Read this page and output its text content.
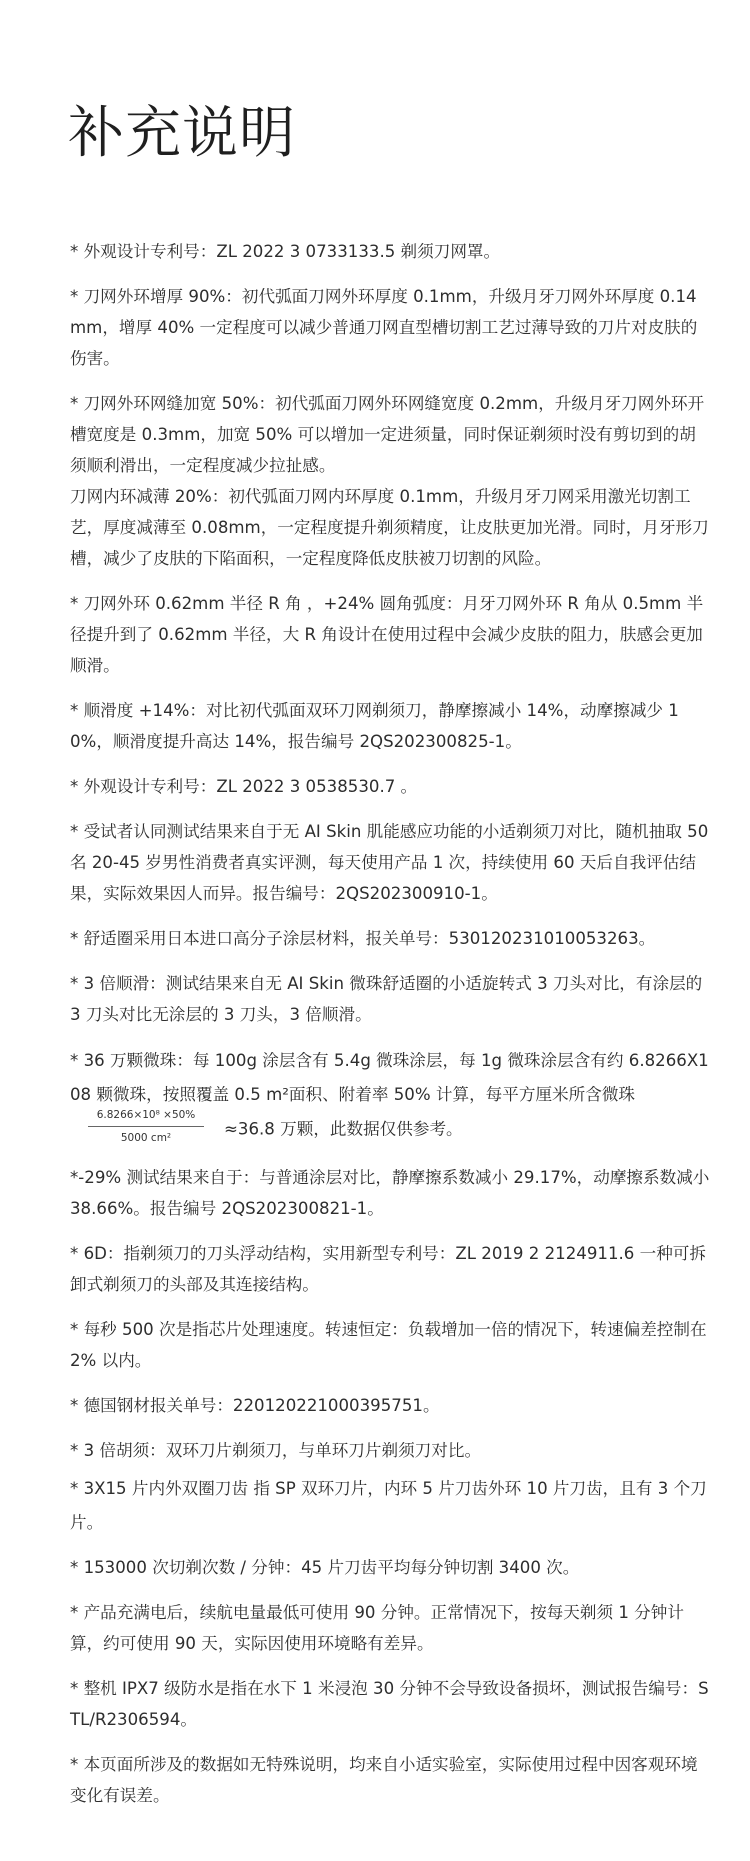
补充说明

* 外观设计专利号：ZL 2022 3 0733133.5 剃须刀网罩。

* 刀网外环增厚 90%：初代弧面刀网外环厚度 0.1mm，升级月牙刀网外环厚度 0.14mm，增厚 40% 一定程度可以减少普通刀网直型槽切割工艺过薄导致的刀片对皮肤的伤害。

* 刀网外环网缝加宽 50%：初代弧面刀网外环网缝宽度 0.2mm，升级月牙刀网外环开槽宽度是 0.3mm，加宽 50% 可以增加一定进须量，同时保证剃须时没有剪切到的胡须顺利滑出，一定程度减少拉扯感。

刀网内环减薄 20%：初代弧面刀网内环厚度 0.1mm，升级月牙刀网采用激光切割工艺，厚度减薄至 0.08mm，一定程度提升剃须精度，让皮肤更加光滑。同时，月牙形刀槽，减少了皮肤的下陷面积，一定程度降低皮肤被刀切割的风险。

* 刀网外环 0.62mm 半径 R 角 ，+24% 圆角弧度：月牙刀网外环 R 角从 0.5mm 半径提升到了 0.62mm 半径，大 R 角设计在使用过程中会减少皮肤的阻力，肤感会更加顺滑。

* 顺滑度 +14%：对比初代弧面双环刀网剃须刀，静摩擦减小 14%，动摩擦减少 10%，顺滑度提升高达 14%，报告编号 2QS202300825-1。

* 外观设计专利号：ZL 2022 3 0538530.7 。

* 受试者认同测试结果来自于无 AI Skin 肌能感应功能的小适剃须刀对比，随机抽取 50 名 20-45 岁男性消费者真实评测，每天使用产品 1 次，持续使用 60 天后自我评估结果，实际效果因人而异。报告编号：2QS202300910-1。

* 舒适圈采用日本进口高分子涂层材料，报关单号：530120231010053263。

* 3 倍顺滑：测试结果来自无 AI Skin 微珠舒适圈的小适旋转式 3 刀头对比，有涂层的 3 刀头对比无涂层的 3 刀头，3 倍顺滑。

* 36 万颗微珠：每 100g 涂层含有 5.4g 微珠涂层，每 1g 微珠涂层含有约 6.8266X108 颗微珠，按照覆盖 0.5 m²面积、附着率 50% 计算，每平方厘米所含微珠
$\frac{\text{6.8266×10⁸ ×50\%}}{\text{5000 cm²}} \approx 36.8$ 万颗，此数据仅供参考。

*-29% 测试结果来自于：与普通涂层对比，静摩擦系数减小 29.17%，动摩擦系数减小 38.66%。报告编号 2QS202300821-1。

* 6D：指剃须刀的刀头浮动结构，实用新型专利号：ZL 2019 2 2124911.6 一种可拆卸式剃须刀的头部及其连接结构。

* 每秒 500 次是指芯片处理速度。转速恒定：负载增加一倍的情况下，转速偏差控制在 2% 以内。

* 德国钢材报关单号：220120221000395751。

* 3 倍胡须：双环刀片剃须刀，与单环刀片剃须刀对比。

* 3X15 片内外双圈刀齿 指 SP 双环刀片，内环 5 片刀齿外环 10 片刀齿，且有 3 个刀片。

* 153000 次切剃次数 / 分钟：45 片刀齿平均每分钟切割 3400 次。

* 产品充满电后，续航电量最低可使用 90 分钟。正常情况下，按每天剃须 1 分钟计算，约可使用 90 天，实际因使用环境略有差异。

* 整机 IPX7 级防水是指在水下 1 米浸泡 30 分钟不会导致设备损坏，测试报告编号：STL/R2306594。

* 本页面所涉及的数据如无特殊说明，均来自小适实验室，实际使用过程中因客观环境变化有误差。
